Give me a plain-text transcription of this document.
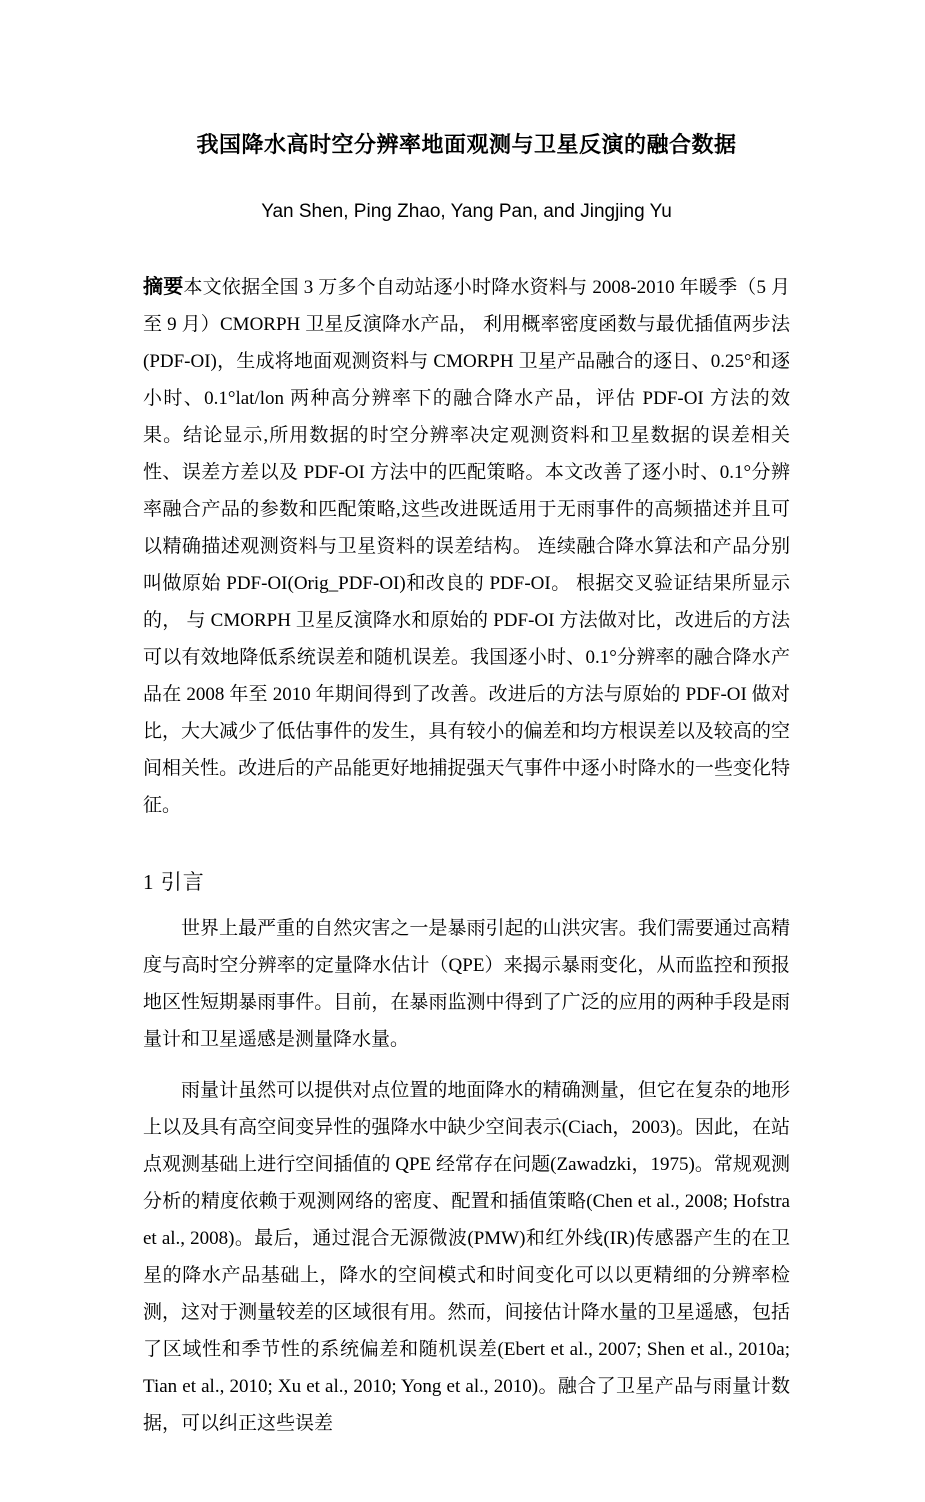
我国降水高时空分辨率地面观测与卫星反演的融合数据
Yan Shen, Ping Zhao, Yang Pan, and Jingjing Yu

摘要本文依据全国 3 万多个自动站逐小时降水资料与 2008-2010 年暖季（5 月至 9 月）CMORPH 卫星反演降水产品， 利用概率密度函数与最优插值两步法 (PDF-OI)，生成将地面观测资料与 CMORPH 卫星产品融合的逐日、0.25°和逐小时、0.1°lat/lon 两种高分辨率下的融合降水产品，评估 PDF-OI 方法的效果。结论显示,所用数据的时空分辨率决定观测资料和卫星数据的误差相关性、误差方差以及 PDF-OI 方法中的匹配策略。本文改善了逐小时、0.1°分辨率融合产品的参数和匹配策略,这些改进既适用于无雨事件的高频描述并且可以精确描述观测资料与卫星资料的误差结构。 连续融合降水算法和产品分别叫做原始 PDF-OI(Orig_PDF-OI)和改良的 PDF-OI。 根据交叉验证结果所显示的， 与 CMORPH 卫星反演降水和原始的 PDF-OI 方法做对比，改进后的方法可以有效地降低系统误差和随机误差。我国逐小时、0.1°分辨率的融合降水产品在 2008 年至 2010 年期间得到了改善。改进后的方法与原始的 PDF-OI 做对比，大大减少了低估事件的发生，具有较小的偏差和均方根误差以及较高的空间相关性。改进后的产品能更好地捕捉强天气事件中逐小时降水的一些变化特征。

1 引言

世界上最严重的自然灾害之一是暴雨引起的山洪灾害。我们需要通过高精度与高时空分辨率的定量降水估计（QPE）来揭示暴雨变化，从而监控和预报地区性短期暴雨事件。目前，在暴雨监测中得到了广泛的应用的两种手段是雨量计和卫星遥感是测量降水量。

雨量计虽然可以提供对点位置的地面降水的精确测量，但它在复杂的地形上以及具有高空间变异性的强降水中缺少空间表示(Ciach，2003)。因此，在站点观测基础上进行空间插值的 QPE 经常存在问题(Zawadzki，1975)。常规观测分析的精度依赖于观测网络的密度、配置和插值策略(Chen et al., 2008; Hofstra et al., 2008)。最后，通过混合无源微波(PMW)和红外线(IR)传感器产生的在卫星的降水产品基础上，降水的空间模式和时间变化可以以更精细的分辨率检测，这对于测量较差的区域很有用。然而，间接估计降水量的卫星遥感，包括了区域性和季节性的系统偏差和随机误差(Ebert et al., 2007; Shen et al., 2010a; Tian et al., 2010; Xu et al., 2010; Yong et al., 2010)。融合了卫星产品与雨量计数据，可以纠正这些误差
